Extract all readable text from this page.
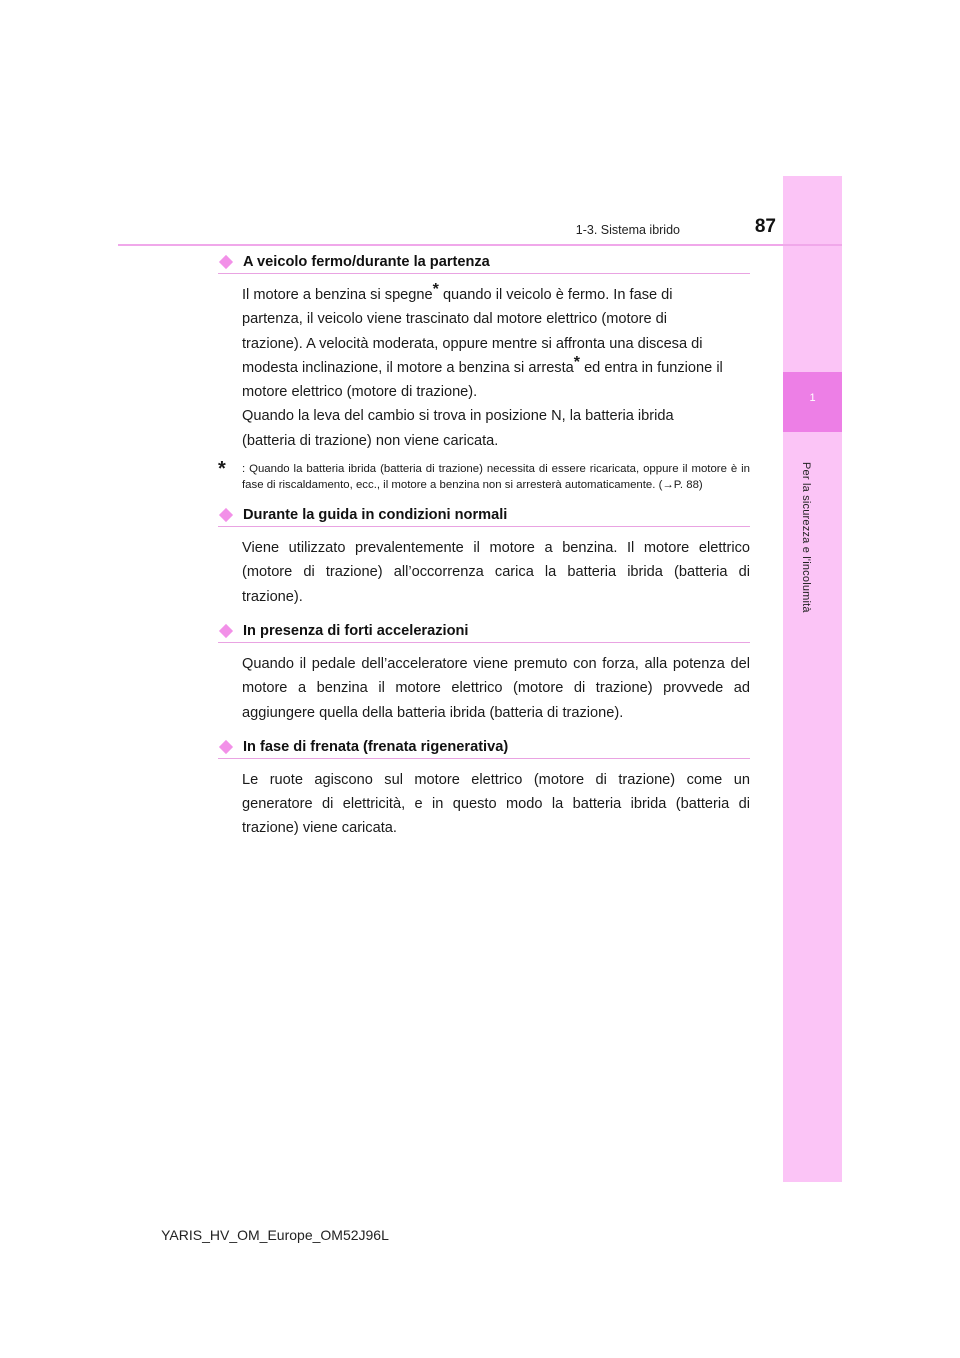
1
Per la sicurezza e l'incolumità
1-3. Sistema ibrido	87
A veicolo fermo/durante la partenza
Il motore a benzina si spegne* quando il veicolo è fermo. In fase di
partenza, il veicolo viene trascinato dal motore elettrico (motore di
trazione). A velocità moderata, oppure mentre si affronta una discesa di
modesta inclinazione, il motore a benzina si arresta* ed entra in funzione il
motore elettrico (motore di trazione).
Quando la leva del cambio si trova in posizione N, la batteria ibrida
(batteria di trazione) non viene caricata.
*	: Quando la batteria ibrida (batteria di trazione) necessita di essere ricaricata, oppure il motore è in fase di riscaldamento, ecc., il motore a benzina non si arresterà automaticamente. (→P. 88)
Durante la guida in condizioni normali
Viene utilizzato prevalentemente il motore a benzina. Il motore elettrico (motore di trazione) all’occorrenza carica la batteria ibrida (batteria di trazione).
In presenza di forti accelerazioni
Quando il pedale dell’acceleratore viene premuto con forza, alla potenza del motore a benzina il motore elettrico (motore di trazione) provvede ad aggiungere quella della batteria ibrida (batteria di trazione).
In fase di frenata (frenata rigenerativa)
Le ruote agiscono sul motore elettrico (motore di trazione) come un generatore di elettricità, e in questo modo la batteria ibrida (batteria di trazione) viene caricata.
YARIS_HV_OM_Europe_OM52J96L
